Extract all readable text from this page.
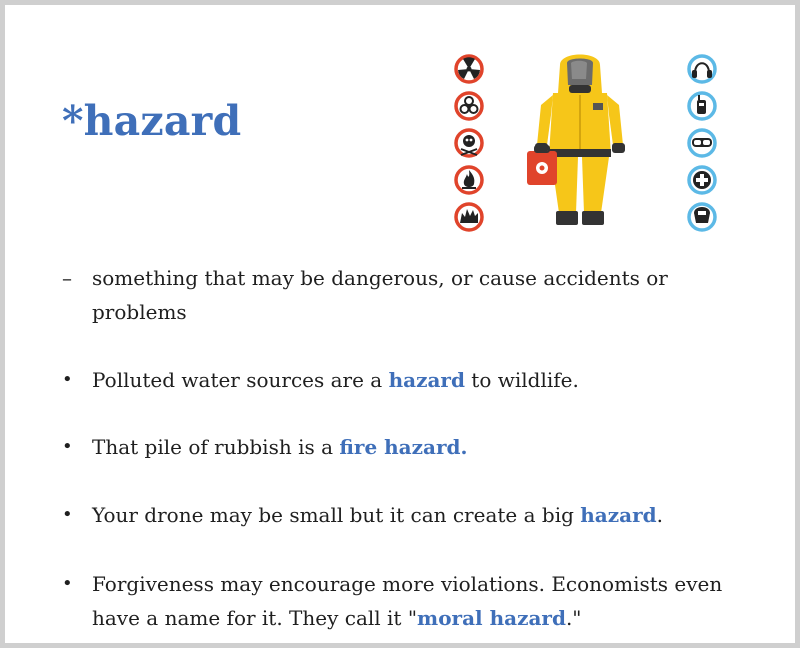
*hazard
– something that may be dangerous, or cause accidents or
problems
• Polluted water sources are a hazard to wildlife.
• That pile of rubbish is a fire hazard.
• Your drone may be small but it can create a big hazard.
• Forgiveness may encourage more violations. Economists even
have a name for it. They call it "moral hazard."
